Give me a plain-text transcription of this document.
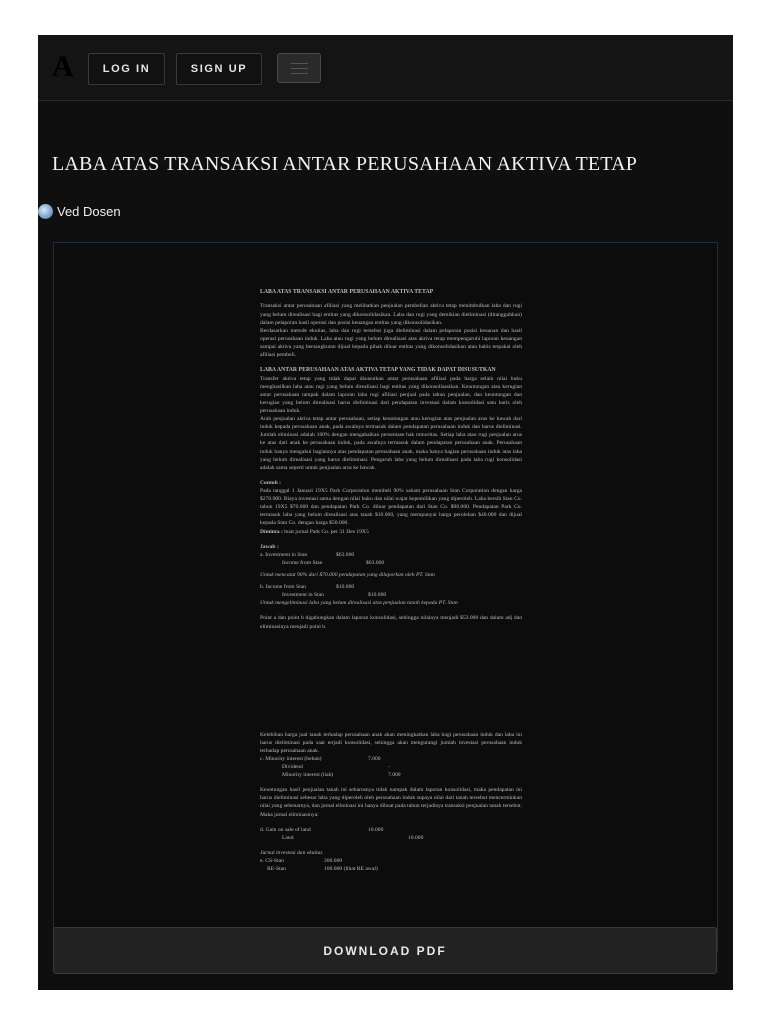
A	LOG IN	SIGN UP
LABA ATAS TRANSAKSI ANTAR PERUSAHAAN AKTIVA TETAP
Ved Dosen
LABA ATAS TRANSAKSI ANTAR PERUSAHAAN AKTIVA TETAP

Transaksi antar perusahaan afiliasi yang melibatkan penjualan pembelian aktiva tetap menimbulkan laba dan rugi yang belum direalisasi bagi entitas yang dikonsolidasikan. Laba dan rugi yang demikian dieliminasi (ditangguhkan) dalam pelaporan hasil operasi dan posisi keuangan entitas yang dikonsolidasikan.

Berdasarkan metode ekuitas, laba dan rugi tersebut juga dieliminasi dalam pelaporan posisi keuanan dan hasil operasi perusahaan induk. Laba atau rugi yang belum direalisasi atas aktiva tetap mempengaruhi laporan keuangan sampai aktiva yang bersangkutan dijual kepada pihak diluar entitas yang dikonsolidasikan atau habis terpakai oleh afiliasi pembeli.

LABA ANTAR PERUSAHAAN ATAS AKTIVA TETAP YANG TIDAK DAPAT DISUSUTKAN

Transfer aktiva tetap yang tidak dapat disusutkan antar perusahaan afiliasi pada harga selain nilai buku menghasilkan laba atau rugi yang belum direalisasi bagi entitas yang dikonsolisasikan. Keuntungan atau kerugian antar perusahaan tampak dalam laporan laba rugi afiliasi penjual pada tahun penjualan, dan keuntungan dan kerugian yang belum direalisasi harus dieliminasi dari pendapatan investasi dalam konsolidasi satu baris oleh perusahaan induk.

Arah penjualan aktiva tetap antar perusahaan, setiap keuntungan atau kerugian atas penjualan arus ke bawah dari induk kepada perusahaan anak, pada awalnya termasuk dalam pendapatan perusahaan induk dan harus dieliminasi. Jumlah eliminasi adalah 100% dengan mengabaikan persentase hak minoritas. Setiap laba atau rugi penjualan arus ke atas dari anak ke perusahaan induk, pada awalnya termasuk dalam pendapatan perusahaan anak. Perusahaan induk hanya mengakui bagiannya atas pendapatan perusahaan anak, maka hanya bagian perusahaan induk atas laba yang belum direalisasi yang harus dieliminasi. Pengaruh laba yang belum direalisasi pada laba rugi konsolidasi adalah sama seperti untuk penjualan arus ke bawah.

Contoh :

Pada tanggal 1 Januari 19X5 Park Corporation membeli 90% saham perusahaan Stan Corporation dengan harga $270.000. Biaya investasi sama dengan nilai buku dan nilai wajar kepemilikan yang diperoleh. Laba bersih Stan Co. tahun 19X5 $70.000 dan pendapatan Park Co. diluar pendapatan dari Stan Co. $90.000. Pendapatan Park Co. termasuk laba yang belum direalisasi atas tanah $10.000, yang mempunyai harga perolehan $40.000 dan dijual kepada Stan Co. dengan harga $50.000.

Diminta : buat jurnal Park Co. per 31 Des 19X5
Jawab :
a. Investment in Stan	$63.000
Income from Stan	$63.000
Untuk mencatat 90% dari $70.000 pendapatan yang dilaporkan oleh PT. Stan
b. Income from Stan	$10.000
Investment in Stan	$10.000
Untuk mengeliminasi laba yang belum direalisasi atas penjualan tanah kepada PT. Stan

Point a dan point b digabungkan dalam laporan konsolidasi, sehingga nilainya menjadi $53.000 dan dalam adj dan eliminasinya menjadi point b.

Kelebihan harga jual tanah terhadap perusahaan anak akan meningkatkan laba bagi perusahaan induk dan laba ini harus dieliminasi pada saat terjadi konsolidasi, sehingga akan mengurangi jumlah investasi perusahaan induk terhadap perusahaan anak.

c. Minority interest (beban)	7.000
Dividend	-
Minority interest (liab)	7.000

Keuntungan hasil penjualan tanah ini seharusnya tidak nampak dalam laporan konsolidasi, maka pendapatan ini harus dieliminasi sebesar laba yang diperoleh oleh perusahaan induk supaya nilai dari tanah tersebut mencerminkan nilai yang sebenarnya, dan jurnal eliminasi ini hanya dibuat pada tahun terjadinya transaksi penjualan tanah tersebut. Maka jurnal eliminasinya:

d. Gain on sale of land	10.000
Land	10.000
Jurnal investasi dan ekuitas
e. CS-Stan	200.000
RE-Stan	100.000 (lihat RE awal)
DOWNLOAD PDF
